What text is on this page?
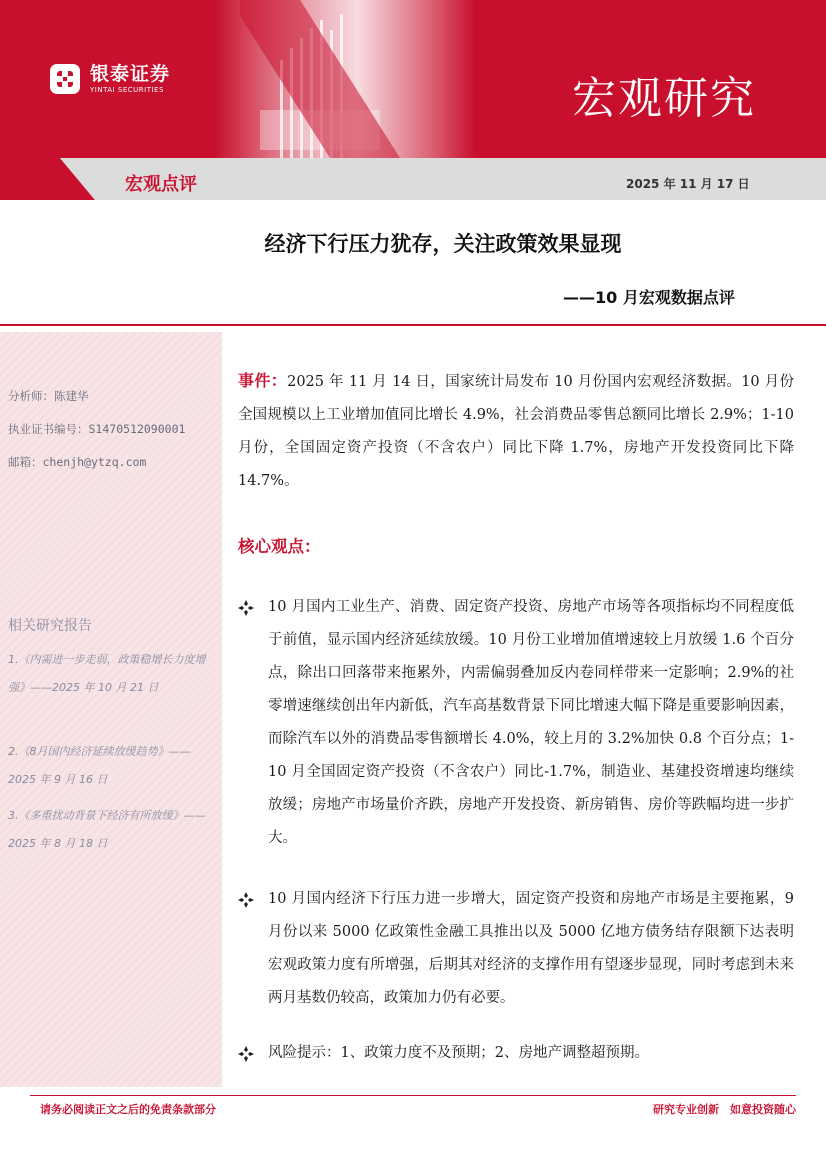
银泰证券
YINTAI SECURITIES	宏观研究
宏观点评	2025 年 11 月 17 日
经济下行压力犹存，关注政策效果显现
——10 月宏观数据点评
分析师：陈建华
执业证书编号：S1470512090001
邮箱：chenjh@ytzq.com
相关研究报告
1.《内需进一步走弱，政策稳增长力度增强》——2025 年 10 月 21 日
2.《8月国内经济延续放缓趋势》——2025 年 9 月 16 日
3.《多重扰动背景下经济有所放缓》——2025 年 8 月 18 日
事件：2025 年 11 月 14 日，国家统计局发布 10 月份国内宏观经济数据。10 月份全国规模以上工业增加值同比增长 4.9%，社会消费品零售总额同比增长 2.9%；1-10 月份，全国固定资产投资（不含农户）同比下降 1.7%，房地产开发投资同比下降 14.7%。
核心观点：
10 月国内工业生产、消费、固定资产投资、房地产市场等各项指标均不同程度低于前值，显示国内经济延续放缓。10 月份工业增加值增速较上月放缓 1.6 个百分点，除出口回落带来拖累外，内需偏弱叠加反内卷同样带来一定影响；2.9%的社零增速继续创出年内新低，汽车高基数背景下同比增速大幅下降是重要影响因素，而除汽车以外的消费品零售额增长 4.0%，较上月的 3.2%加快 0.8 个百分点；1-10 月全国固定资产投资（不含农户）同比-1.7%，制造业、基建投资增速均继续放缓；房地产市场量价齐跌，房地产开发投资、新房销售、房价等跌幅均进一步扩大。
10 月国内经济下行压力进一步增大，固定资产投资和房地产市场是主要拖累，9 月份以来 5000 亿政策性金融工具推出以及 5000 亿地方债务结存限额下达表明宏观政策力度有所增强，后期其对经济的支撑作用有望逐步显现，同时考虑到未来两月基数仍较高，政策加力仍有必要。
风险提示：1、政策力度不及预期；2、房地产调整超预期。
请务必阅读正文之后的免责条款部分	研究专业创新　如意投资随心
